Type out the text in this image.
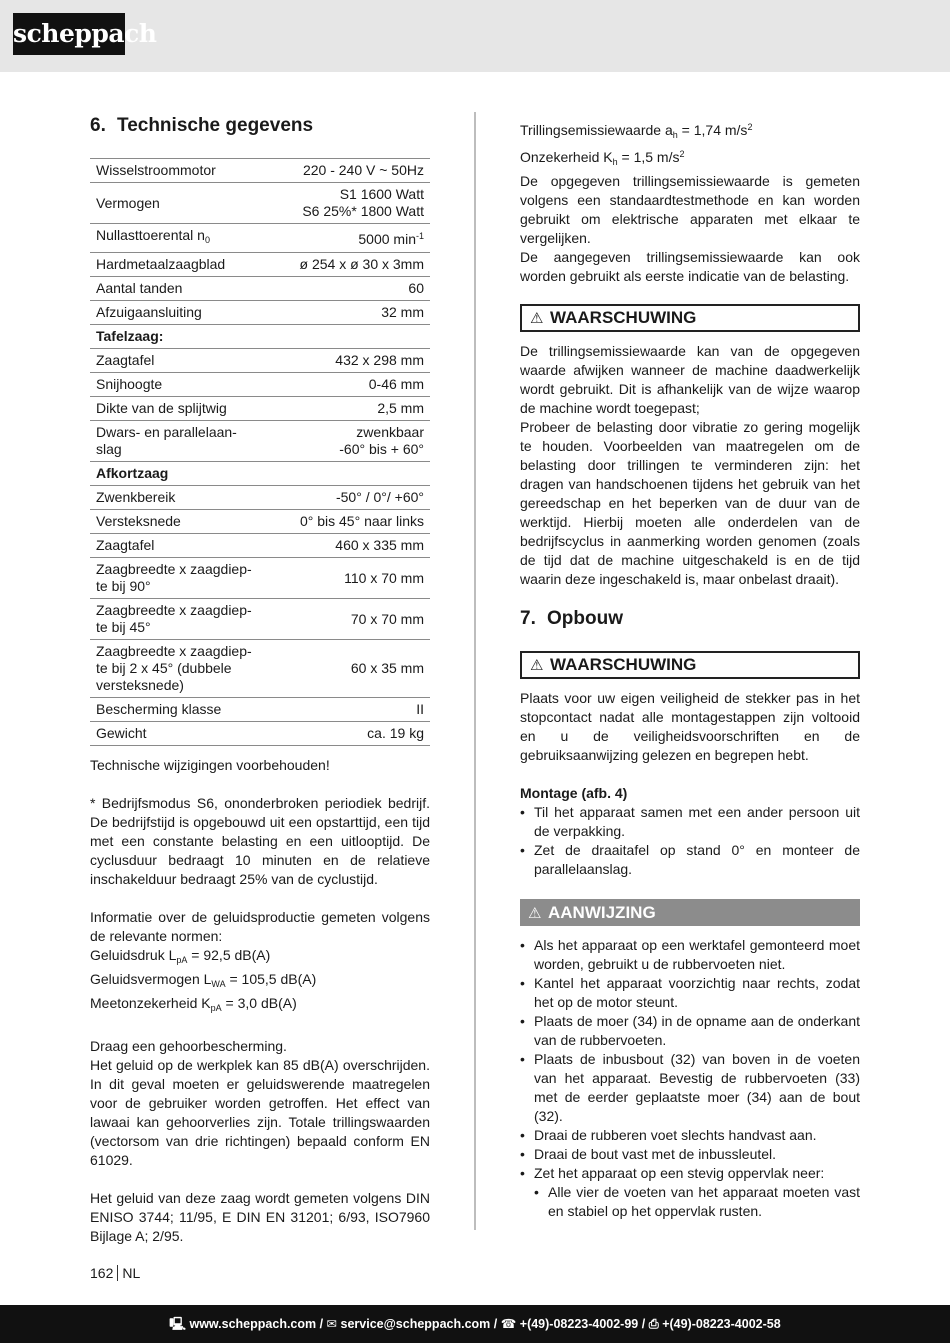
scheppach
6. Technische gegevens
Wisselstroommotor	220 - 240 V ~ 50Hz
Vermogen	S1 1600 Watt
S6 25%* 1800 Watt
Nullasttoerental $n_0$	5000 $\min^{-1}$
Hardmetaalzaagblad	ø 254 x ø 30 x 3mm
Aantal tanden	60
Afzuigaansluiting	32 mm
Tafelzaag:	
Zaagtafel	432 x 298 mm
Snijhoogte	0-46 mm
Dikte van de splijtwig	2,5 mm
Dwars- en parallelaan-
slag	zwenkbaar
-60° bis + 60°
Afkortzaag	
Zwenkbereik	-50° / 0°/ +60°
Versteksnede	0° bis 45° naar links
Zaagtafel	460 x 335 mm
Zaagbreedte x zaagdiep-
te bij 90°	110 x 70 mm
Zaagbreedte x zaagdiep-
te bij 45°	70 x 70 mm
Zaagbreedte x zaagdiep-
te bij 2 x 45° (dubbele
versteksnede)	60 x 35 mm
Bescherming klasse	II
Gewicht	ca. 19 kg

Technische wijzigingen voorbehouden!

* Bedrijfsmodus S6, ononderbroken periodiek bedrijf. De bedrijfstijd is opgebouwd uit een opstarttijd, een tijd met een constante belasting en een uitlooptijd. De cyclusduur bedraagt 10 minuten en de relatieve inschakelduur bedraagt 25% van de cyclustijd.

Informatie over de geluidsproductie gemeten volgens de relevante normen:

Geluidsdruk $L_{pA} = 92,5$ dB(A)

Geluidsvermogen $L_{WA} = 105,5$ dB(A)

Meetonzekerheid $K_{pA} = 3,0$ dB(A)

Draag een gehoorbescherming.

Het geluid op de werkplek kan 85 dB(A) overschrijden. In dit geval moeten er geluidswerende maatregelen voor de gebruiker worden getroffen. Het effect van lawaai kan gehoorverlies zijn. Totale trillingswaarden (vectorsom van drie richtingen) bepaald conform EN 61029.

Het geluid van deze zaag wordt gemeten volgens DIN ENISO 3744; 11/95, E DIN EN 31201; 6/93, ISO7960 Bijlage A; 2/95.

Trillingsemissiewaarde $a_h = 1,74$ $m/s^2$

Onzekerheid $K_h = 1,5$ $m/s^2$

De opgegeven trillingsemissiewaarde is gemeten volgens een standaardtestmethode en kan worden gebruikt om elektrische apparaten met elkaar te vergelijken.

De aangegeven trillingsemissiewaarde kan ook worden gebruikt als eerste indicatie van de belasting.

⚠ WAARSCHUWING

De trillingsemissiewaarde kan van de opgegeven waarde afwijken wanneer de machine daadwerkelijk wordt gebruikt. Dit is afhankelijk van de wijze waarop de machine wordt toegepast;

Probeer de belasting door vibratie zo gering mogelijk te houden. Voorbeelden van maatregelen om de belasting door trillingen te verminderen zijn: het dragen van handschoenen tijdens het gebruik van het gereedschap en het beperken van de duur van de werktijd. Hierbij moeten alle onderdelen van de bedrijfscyclus in aanmerking worden genomen (zoals de tijd dat de machine uitgeschakeld is en de tijd waarin deze ingeschakeld is, maar onbelast draait).

7. Opbouw
⚠ WAARSCHUWING

Plaats voor uw eigen veiligheid de stekker pas in het stopcontact nadat alle montagestappen zijn voltooid en u de veiligheidsvoorschriften en de gebruiksaanwijzing gelezen en begrepen hebt.

Montage (afb. 4)

• Til het apparaat samen met een ander persoon uit de verpakking.
• Zet de draaitafel op stand 0° en monteer de parallelaanslag.
⚠ AANWIJZING
• Als het apparaat op een werktafel gemonteerd moet worden, gebruikt u de rubbervoeten niet.
• Kantel het apparaat voorzichtig naar rechts, zodat het op de motor steunt.
• Plaats de moer (34) in de opname aan de onderkant van de rubbervoeten.
• Plaats de inbusbout (32) van boven in de voeten van het apparaat. Bevestig de rubbervoeten (33) met de eerder geplaatste moer (34) aan de bout (32).
• Draai de rubberen voet slechts handvast aan.
• Draai de bout vast met de inbussleutel.
• Zet het apparaat op een stevig oppervlak neer:
• Alle vier de voeten van het apparaat moeten vast en stabiel op het oppervlak rusten.
162 NL
🖳 www.scheppach.com / ✉ service@scheppach.com / ☎ +(49)-08223-4002-99 / ⎙ +(49)-08223-4002-58
